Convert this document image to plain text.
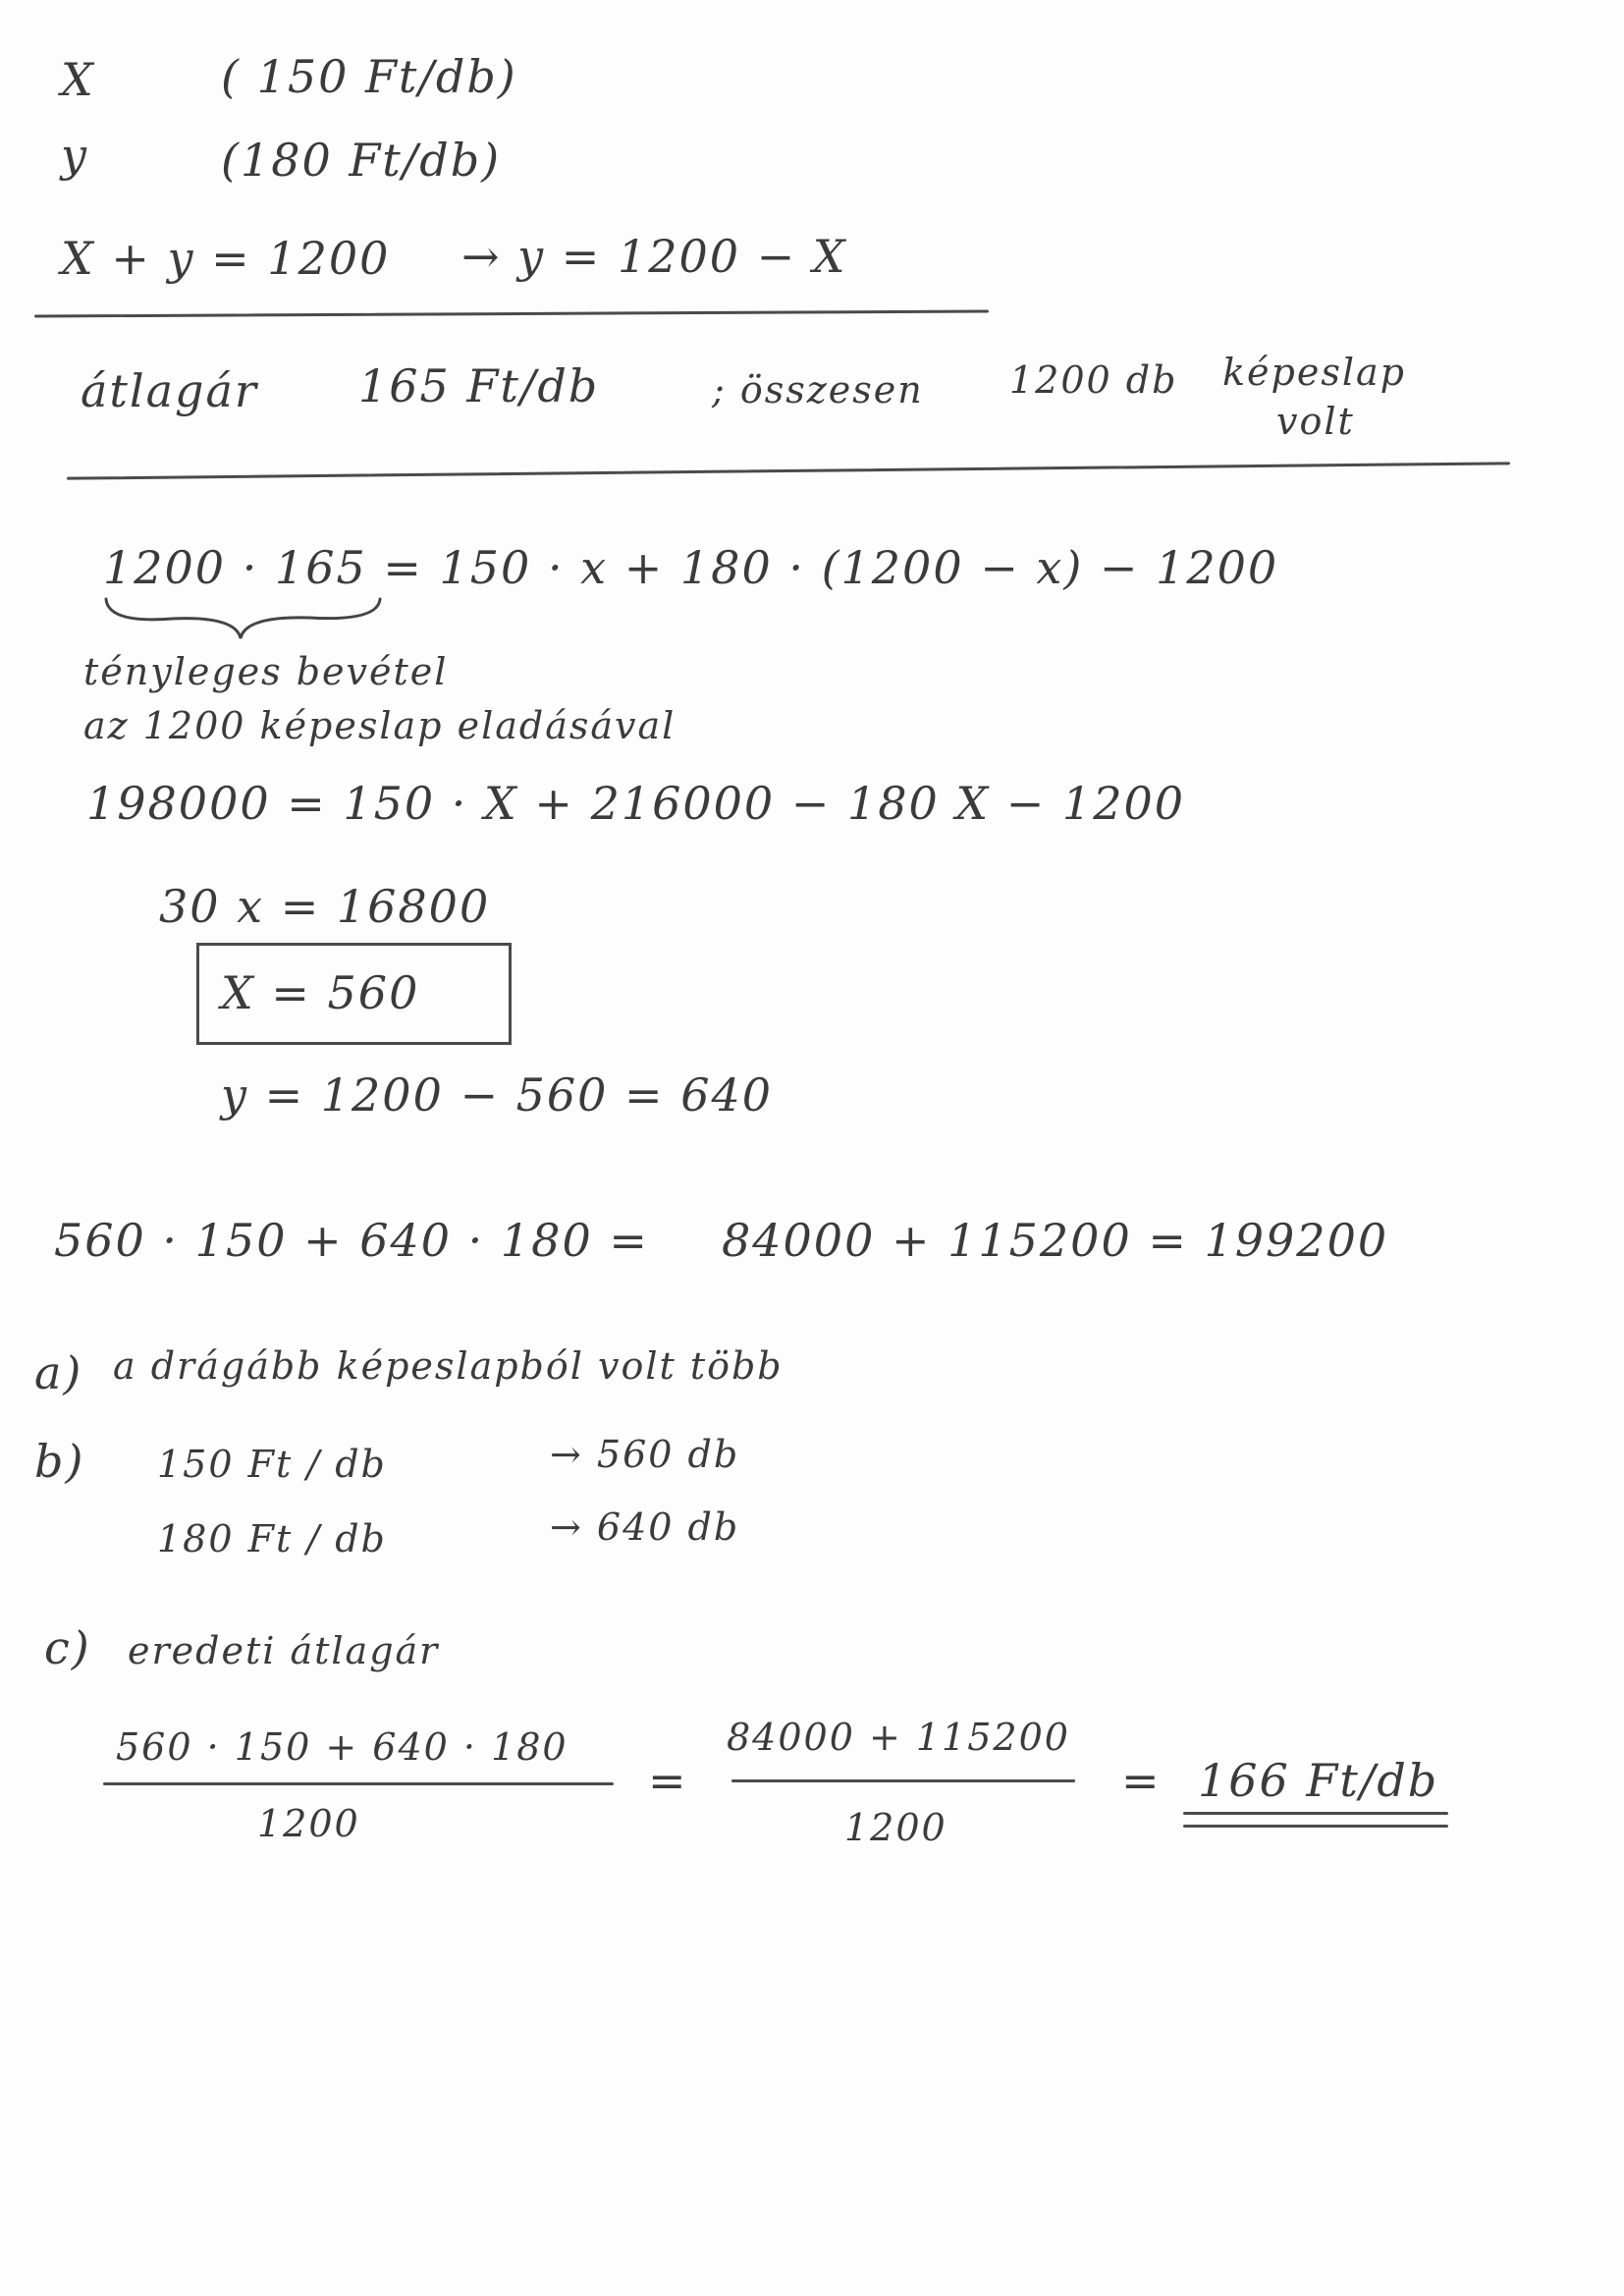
X	( 150 Ft/db)
y	(180 Ft/db)
X + y = 1200 → y = 1200 − X
átlagár 165 Ft/db	; összesen 1200 db képeslap
volt
1200 · 165 = 150 · x + 180 · (1200 − x) − 1200
tényleges bevétel
az 1200 képeslap eladásával
198000 = 150 · X + 216000 − 180 X − 1200
30 x = 16800
X = 560
y = 1200 − 560 = 640
560 · 150 + 640 · 180 = 84000 + 115200 = 199200
a) a drágább képeslapból volt több
b) 150 Ft / db	→ 560 db
180 Ft / db	→ 640 db
c) eredeti átlagár
560 · 150 + 640 · 180
1200
=
84000 + 115200
1200
= 166 Ft/db
